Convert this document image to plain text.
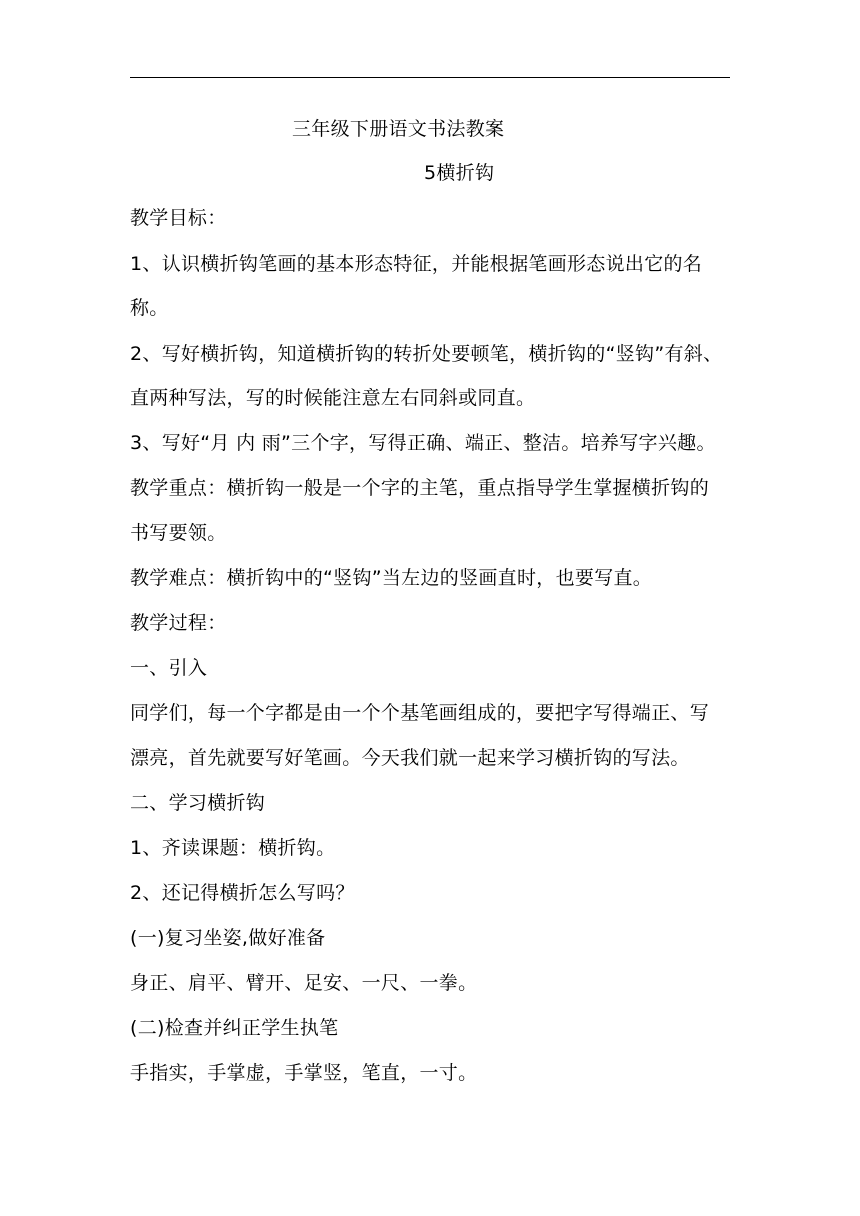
三年级下册语文书法教案
5横折钩
教学目标：
1、认识横折钩笔画的基本形态特征，并能根据笔画形态说出它的名
称。
2、写好横折钩，知道横折钩的转折处要顿笔，横折钩的“竖钩”有斜、
直两种写法，写的时候能注意左右同斜或同直。
3、写好“月 内 雨”三个字，写得正确、端正、整洁。培养写字兴趣。
教学重点：横折钩一般是一个字的主笔，重点指导学生掌握横折钩的
书写要领。
教学难点：横折钩中的“竖钩”当左边的竖画直时，也要写直。
教学过程：
一、引入
同学们，每一个字都是由一个个基笔画组成的，要把字写得端正、写
漂亮，首先就要写好笔画。今天我们就一起来学习横折钩的写法。
二、学习横折钩
1、齐读课题：横折钩。
2、还记得横折怎么写吗？
(一)复习坐姿,做好准备
身正、肩平、臂开、足安、一尺、一拳。
(二)检查并纠正学生执笔
手指实，手掌虚，手掌竖，笔直，一寸。
